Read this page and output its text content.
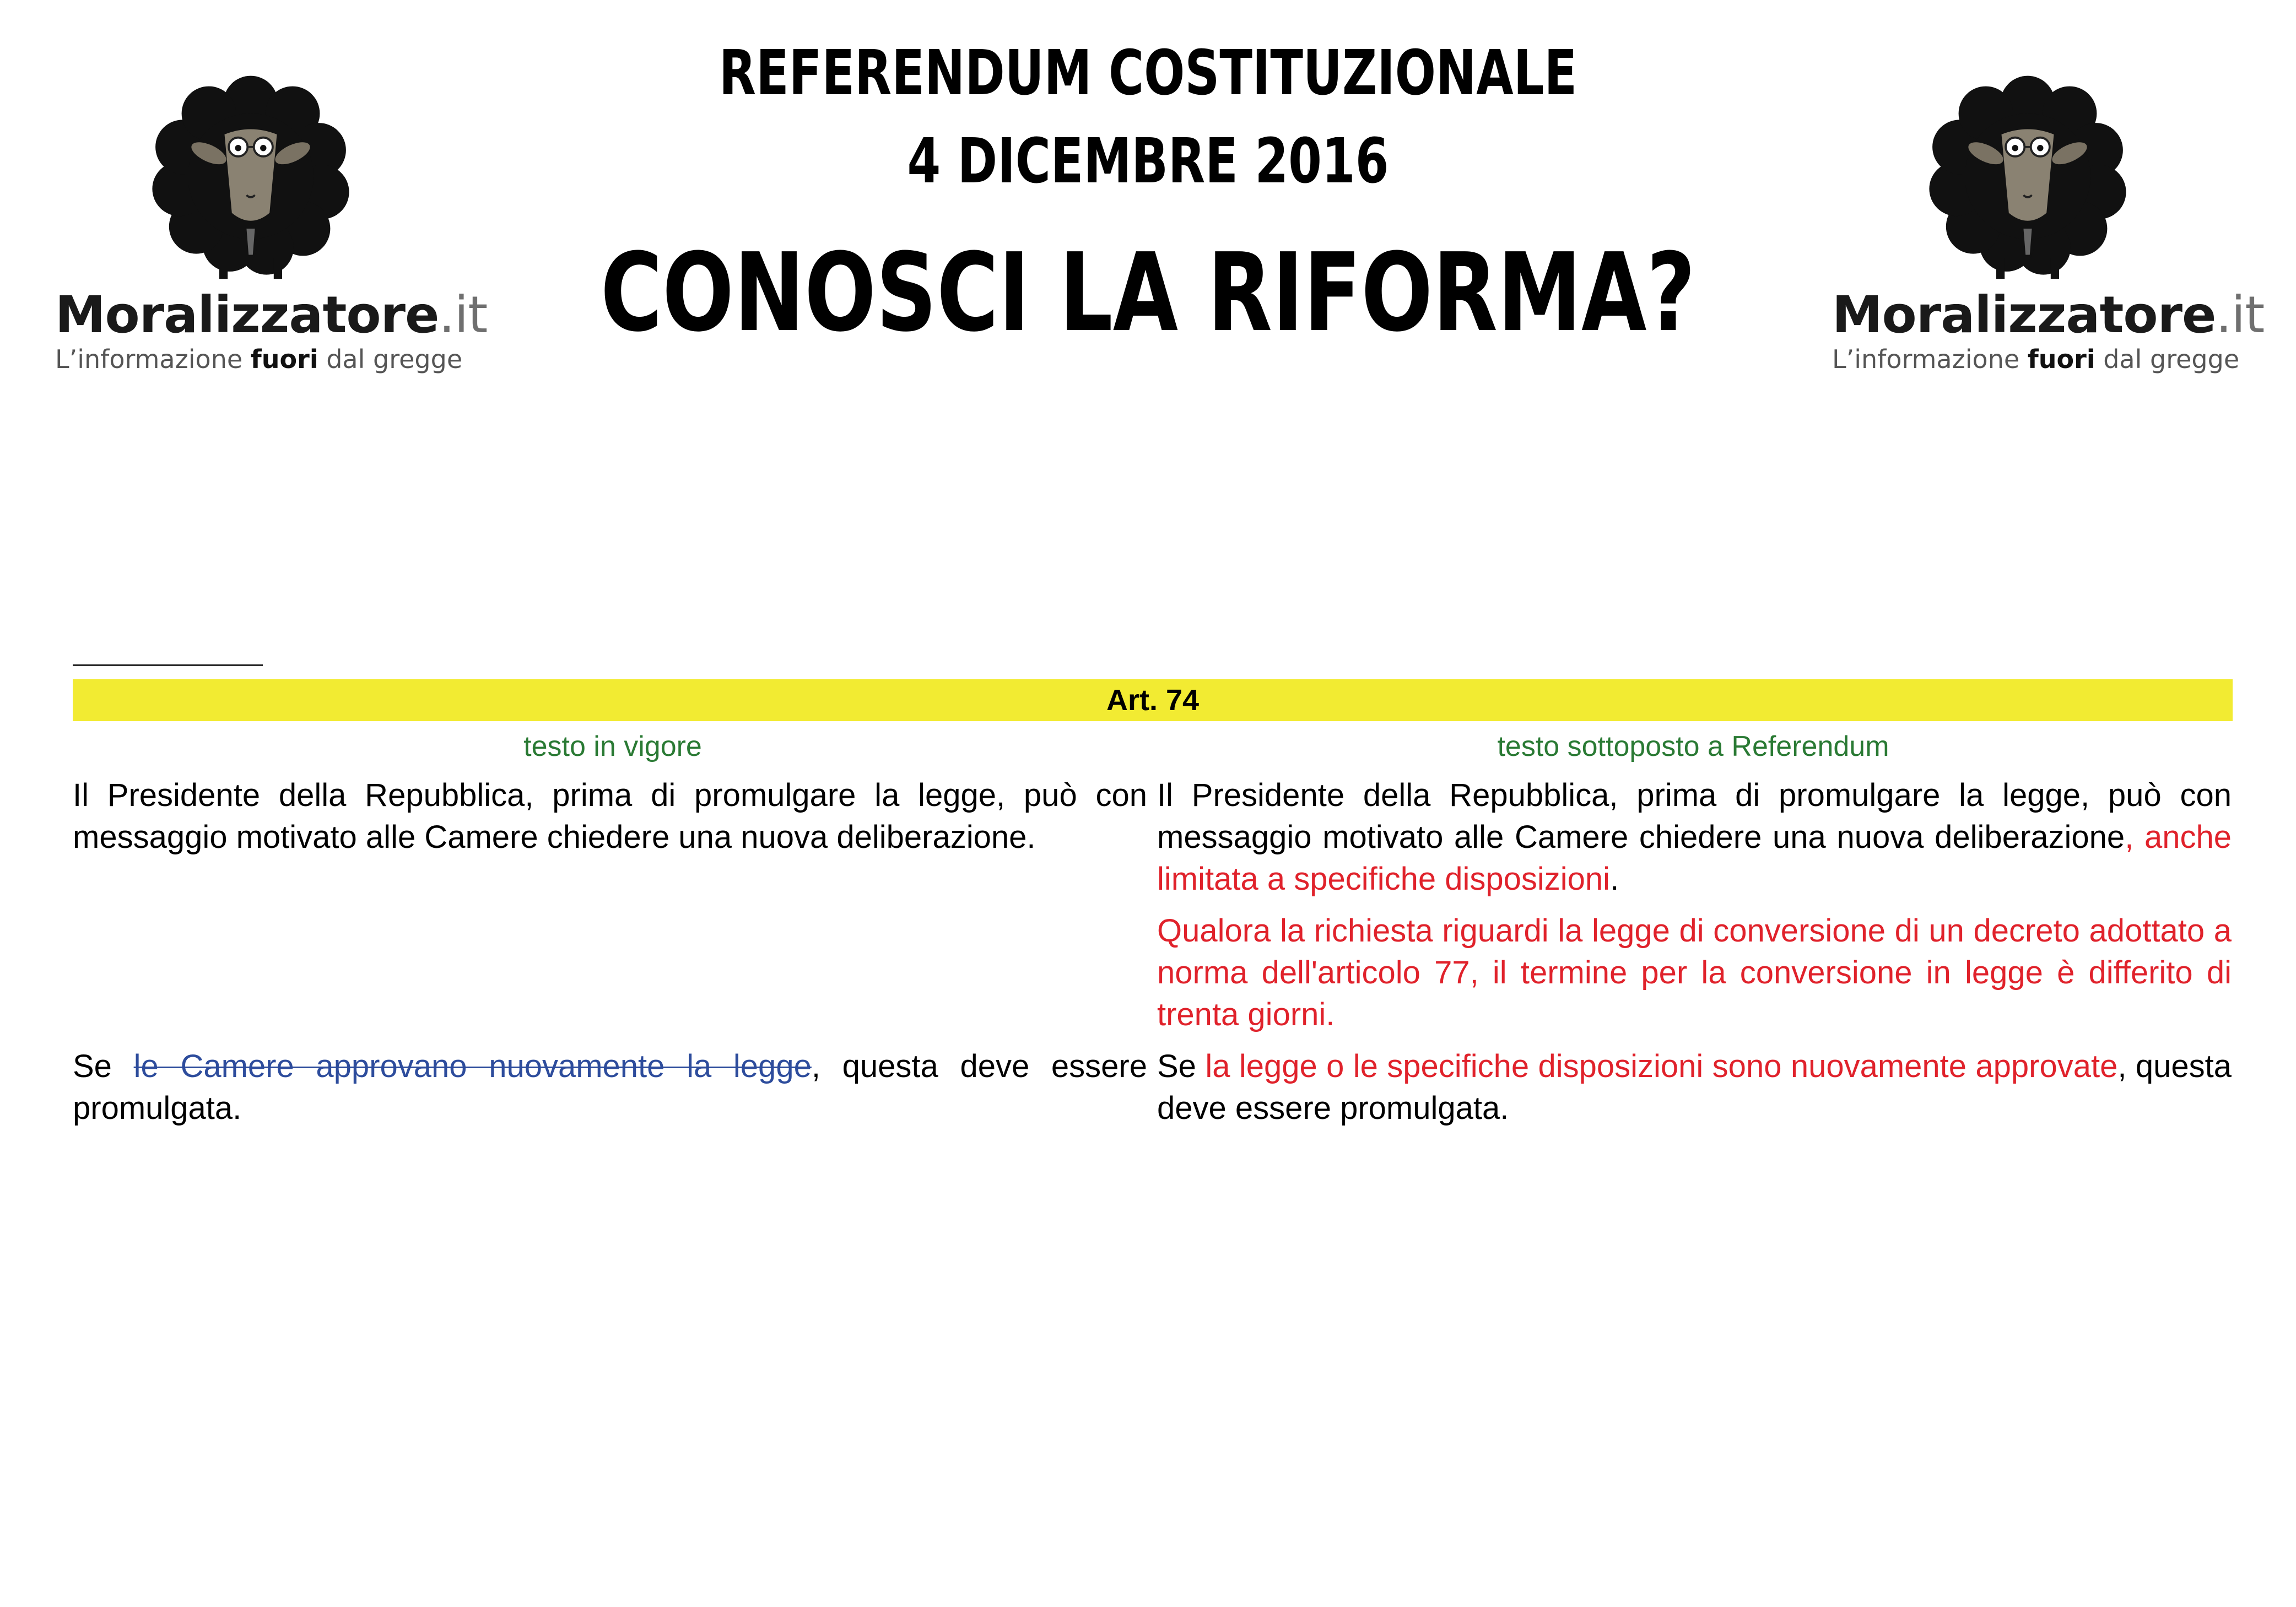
Moralizzatore.it
L’informazione fuori dal gregge
Moralizzatore.it
L’informazione fuori dal gregge
REFERENDUM COSTITUZIONALE
4 DICEMBRE 2016
CONOSCI LA RIFORMA?
Art. 74
testo in vigore	testo sottoposto a Referendum
Il Presidente della Repubblica, prima di promulgare la legge, può con messaggio motivato alle Camere chiedere una nuova deliberazione.
Se le Camere approvano nuovamente la legge, questa deve essere promulgata.
Il Presidente della Repubblica, prima di promulgare la legge, può con messaggio motivato alle Camere chiedere una nuova deliberazione, anche limitata a specifiche disposizioni.
Qualora la richiesta riguardi la legge di conversione di un decreto adottato a norma dell'articolo 77, il termine per la conversione in legge è differito di trenta giorni.
Se la legge o le specifiche disposizioni sono nuovamente approvate, questa deve essere promulgata.
